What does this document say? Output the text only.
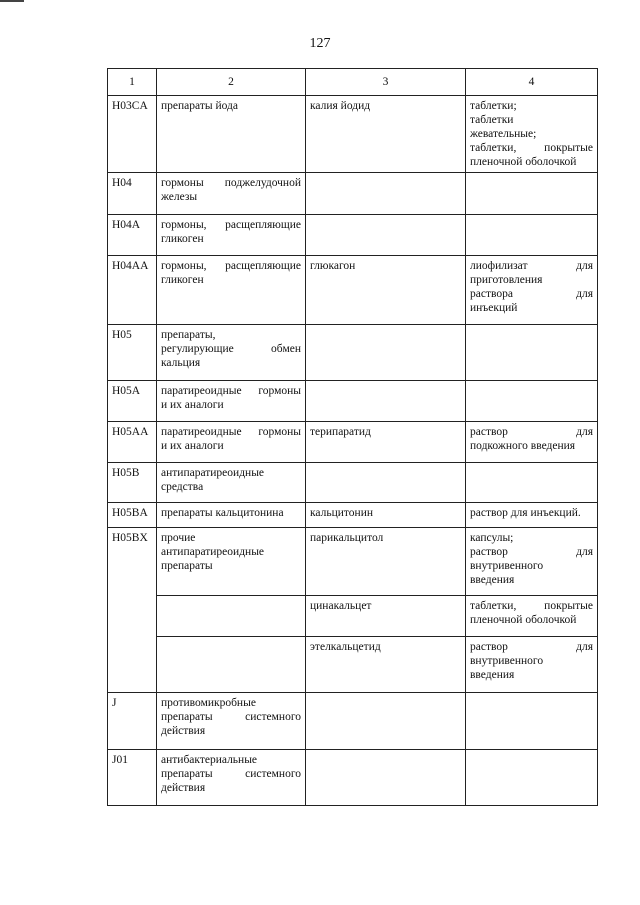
127
1	2	3	4
H03CA	препараты йода	калия йодид	таблетки;
таблетки
жевательные;
таблетки, покрытые
пленочной оболочкой

H04	гормоны поджелудочной
железы		

H04A	гормоны, расщепляющие
гликоген		

H04AA	гормоны, расщепляющие
гликоген	глюкагон	лиофилизат для
приготовления
раствора для
инъекций

H05	препараты,
регулирующие обмен
кальция		

H05A	паратиреоидные гормоны
и их аналоги		

H05AA	паратиреоидные гормоны
и их аналоги	терипаратид	раствор для
подкожного введения

H05B	антипаратиреоидные
средства		

H05BA	препараты кальцитонина	кальцитонин	раствор для инъекций.

H05BX	прочие
антипаратиреоидные
препараты	парикальцитол	капсулы;
раствор для
внутривенного
введения

		цинакальцет	таблетки, покрытые
пленочной оболочкой

		этелкальцетид	раствор для
внутривенного
введения

J	противомикробные
препараты системного
действия		

J01	антибактериальные
препараты системного
действия		
